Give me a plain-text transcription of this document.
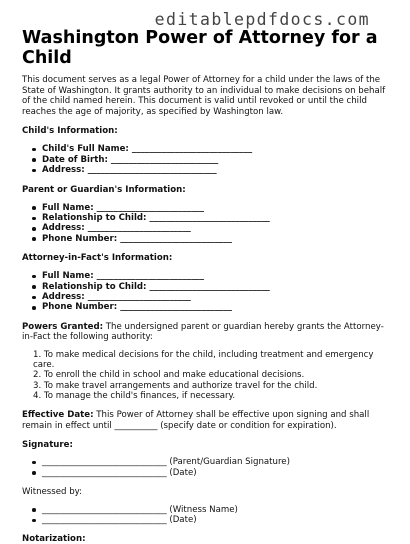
editablepdfdocs.com
Washington Power of Attorney for a Child

This document serves as a legal Power of Attorney for a child under the laws of the State of Washington. It grants authority to an individual to make decisions on behalf of the child named herein. This document is valid until revoked or until the child reaches the age of majority, as specified by Washington law.

Child's Information:
Child's Full Name: ____________________________
Date of Birth: _________________________
Address: ______________________________
Parent or Guardian's Information:
Full Name: _________________________
Relationship to Child: ____________________________
Address: ________________________
Phone Number: __________________________
Attorney-in-Fact's Information:
Full Name: _________________________
Relationship to Child: ____________________________
Address: ________________________
Phone Number: __________________________

Powers Granted: The undersigned parent or guardian hereby grants the Attorney-in-Fact the following authority:

1. To make medical decisions for the child, including treatment and emergency care.
2. To enroll the child in school and make educational decisions.
3. To make travel arrangements and authorize travel for the child.
4. To manage the child's finances, if necessary.

Effective Date: This Power of Attorney shall be effective upon signing and shall remain in effect until __________ (specify date or condition for expiration).

Signature:
_____________________________ (Parent/Guardian Signature)
_____________________________ (Date)

Witnessed by:

_____________________________ (Witness Name)
_____________________________ (Date)
Notarization:
